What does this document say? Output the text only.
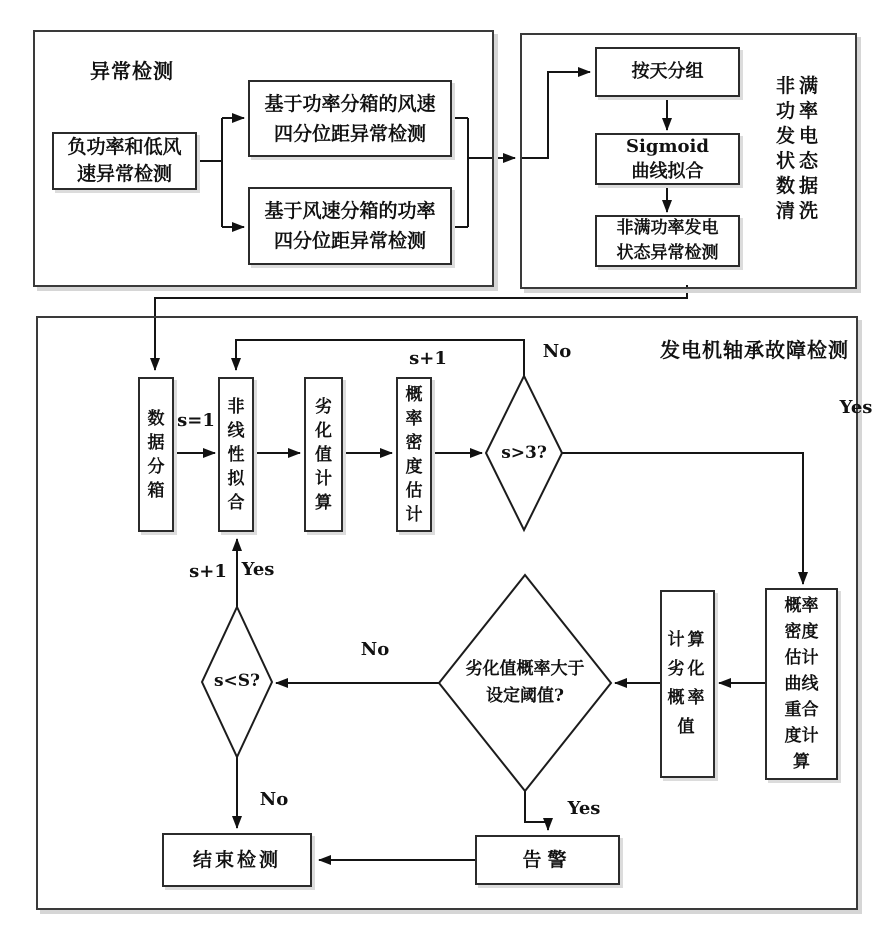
异常检测
发电机轴承故障检测
非满
功率
发电
状态
数据
清洗
负功率和低风
速异常检测
基于功率分箱的风速
四分位距异常检测
基于风速分箱的功率
四分位距异常检测
按天分组
Sigmoid
曲线拟合
非满功率发电
状态异常检测
数
据
分
箱
非
线
性
拟
合
劣
化
值
计
算
概
率
密
度
估
计
概率
密度
估计
曲线
重合
度计
算
计算
劣化
概率
值
结束检测	告警
s>3?
劣化值概率大于
设定阈值?
s<S?
s=1
s+1	No
Yes
No
s+1 Yes
No	Yes
